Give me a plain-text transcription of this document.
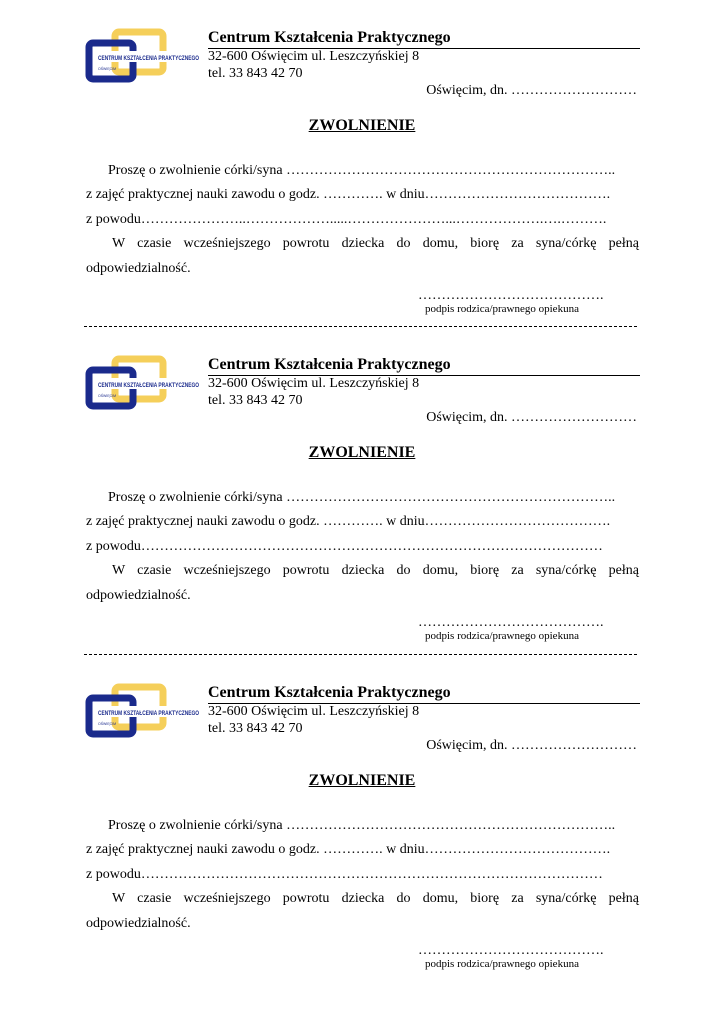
CENTRUM KSZTAŁCENIA PRAKTYCZNEGO
OŚWIĘCIM
Centrum Kształcenia Praktycznego
32-600 Oświęcim ul. Leszczyńskiej 8
tel. 33 843 42 70
Oświęcim, dn. ………………………
ZWOLNIENIE
Proszę o zwolnienie córki/syna ……………………………………………………………..
z zajęć praktycznej nauki zawodu o godz. …………. w dniu………………………………….
z powodu…………………..……………….....…………………...……………….….……….
W czasie wcześniejszego powrotu dziecka do domu, biorę za syna/córkę pełną
odpowiedzialność.
………………………………….
podpis rodzica/prawnego opiekuna
CENTRUM KSZTAŁCENIA PRAKTYCZNEGO
OŚWIĘCIM
Centrum Kształcenia Praktycznego
32-600 Oświęcim ul. Leszczyńskiej 8
tel. 33 843 42 70
Oświęcim, dn. ………………………
ZWOLNIENIE
Proszę o zwolnienie córki/syna ……………………………………………………………..
z zajęć praktycznej nauki zawodu o godz. …………. w dniu………………………………….
z powodu………………………………………………………………………………………
W czasie wcześniejszego powrotu dziecka do domu, biorę za syna/córkę pełną
odpowiedzialność.
………………………………….
podpis rodzica/prawnego opiekuna
CENTRUM KSZTAŁCENIA PRAKTYCZNEGO
OŚWIĘCIM
Centrum Kształcenia Praktycznego
32-600 Oświęcim ul. Leszczyńskiej 8
tel. 33 843 42 70
Oświęcim, dn. ………………………
ZWOLNIENIE
Proszę o zwolnienie córki/syna ……………………………………………………………..
z zajęć praktycznej nauki zawodu o godz. …………. w dniu………………………………….
z powodu………………………………………………………………………………………
W czasie wcześniejszego powrotu dziecka do domu, biorę za syna/córkę pełną
odpowiedzialność.
………………………………….
podpis rodzica/prawnego opiekuna
